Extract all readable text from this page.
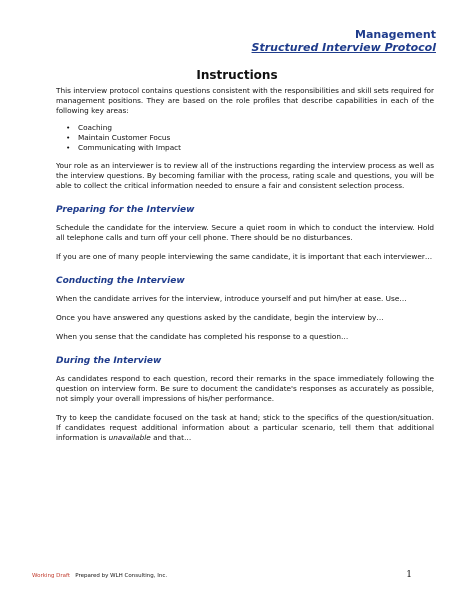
Management
Structured Interview Protocol
Instructions

This interview protocol contains questions consistent with the responsibilities and skill sets required for management positions. They are based on the role profiles that describe capabilities in each of the following key areas:

• Coaching
• Maintain Customer Focus
• Communicating with Impact

Your role as an interviewer is to review all of the instructions regarding the interview process as well as the interview questions. By becoming familiar with the process, rating scale and questions, you will be able to collect the critical information needed to ensure a fair and consistent selection process.

Preparing for the Interview

Schedule the candidate for the interview. Secure a quiet room in which to conduct the interview. Hold all telephone calls and turn off your cell phone. There should be no disturbances.

If you are one of many people interviewing the same candidate, it is important that each interviewer…

Conducting the Interview

When the candidate arrives for the interview, introduce yourself and put him/her at ease. Use…

Once you have answered any questions asked by the candidate, begin the interview by…

When you sense that the candidate has completed his response to a question…

During the Interview

As candidates respond to each question, record their remarks in the space immediately following the question on interview form. Be sure to document the candidate's responses as accurately as possible, not simply your overall impressions of his/her performance.

Try to keep the candidate focused on the task at hand; stick to the specifics of the question/situation. If candidates request additional information about a particular scenario, tell them that additional information is unavailable and that…

Working Draft Prepared by WLH Consulting, Inc.	1
